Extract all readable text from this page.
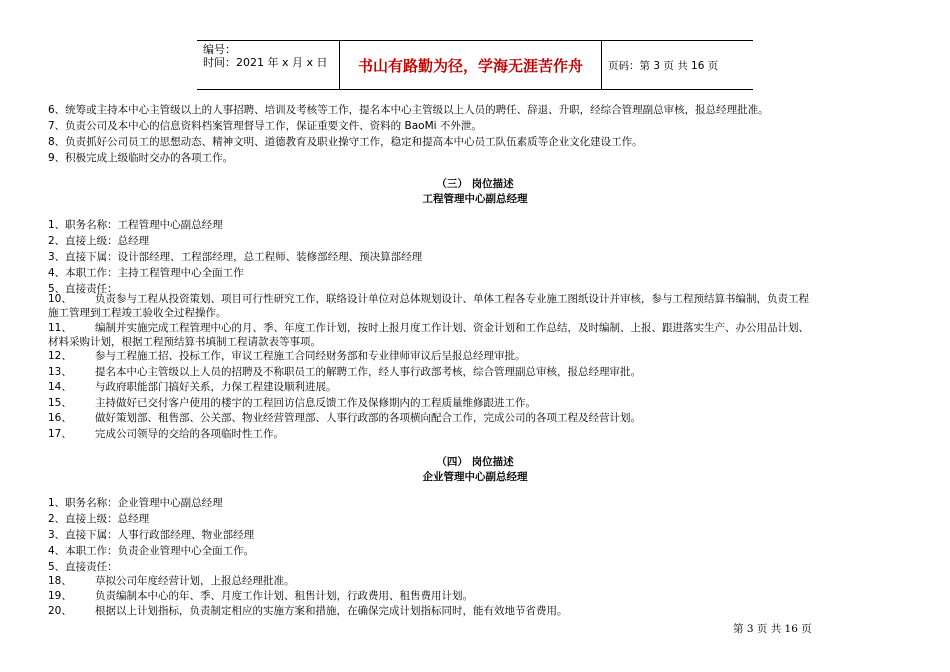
编号：
时间：2021 年 x 月 x 日	书山有路勤为径，学海无涯苦作舟	页码：第 3 页 共 16 页
6、统筹或主持本中心主管级以上的人事招聘、培训及考核等工作，提名本中心主管级以上人员的聘任、辞退、升职，经综合管理副总审核，报总经理批准。
7、负责公司及本中心的信息资料档案管理督导工作，保证重要文件、资料的 BaoMi 不外泄。
8、负责抓好公司员工的思想动态、精神文明、道德教育及职业操守工作，稳定和提高本中心员工队伍素质等企业文化建设工作。
9、积极完成上级临时交办的各项工作。
（三） 岗位描述
工程管理中心副总经理
1、职务名称：工程管理中心副总经理
2、直接上级：总经理
3、直接下属：设计部经理、工程部经理，总工程师、装修部经理、预决算部经理
4、本职工作：主持工程管理中心全面工作
5、直接责任：
10、 负责参与工程从投资策划、项目可行性研究工作，联络设计单位对总体规划设计、单体工程各专业施工图纸设计并审核，参与工程预结算书编制，负责工程
施工管理到工程竣工验收全过程操作。
11、 编制并实施完成工程管理中心的月、季、年度工作计划，按时上报月度工作计划、资金计划和工作总结，及时编制、上报、跟进落实生产、办公用品计划、
材料采购计划，根据工程预结算书填制工程请款表等事项。
12、 参与工程施工招、投标工作，审议工程施工合同经财务部和专业律师审议后呈报总经理审批。
13、 提名本中心主管级以上人员的招聘及不称职员工的解聘工作，经人事行政部考核，综合管理副总审核，报总经理审批。
14、 与政府职能部门搞好关系，力保工程建设顺利进展。
15、 主持做好已交付客户使用的楼宇的工程回访信息反馈工作及保修期内的工程质量维修跟进工作。
16、 做好策划部、租售部、公关部、物业经营管理部、人事行政部的各项横向配合工作，完成公司的各项工程及经营计划。
17、 完成公司领导的交给的各项临时性工作。
（四） 岗位描述
企业管理中心副总经理
1、职务名称：企业管理中心副总经理
2、直接上级：总经理
3、直接下属：人事行政部经理、物业部经理
4、本职工作：负责企业管理中心全面工作。
5、直接责任：
18、 草拟公司年度经营计划，上报总经理批准。
19、 负责编制本中心的年、季、月度工作计划、租售计划，行政费用、租售费用计划。
20、 根据以上计划指标，负责制定相应的实施方案和措施，在确保完成计划指标同时，能有效地节省费用。
第 3 页 共 16 页
